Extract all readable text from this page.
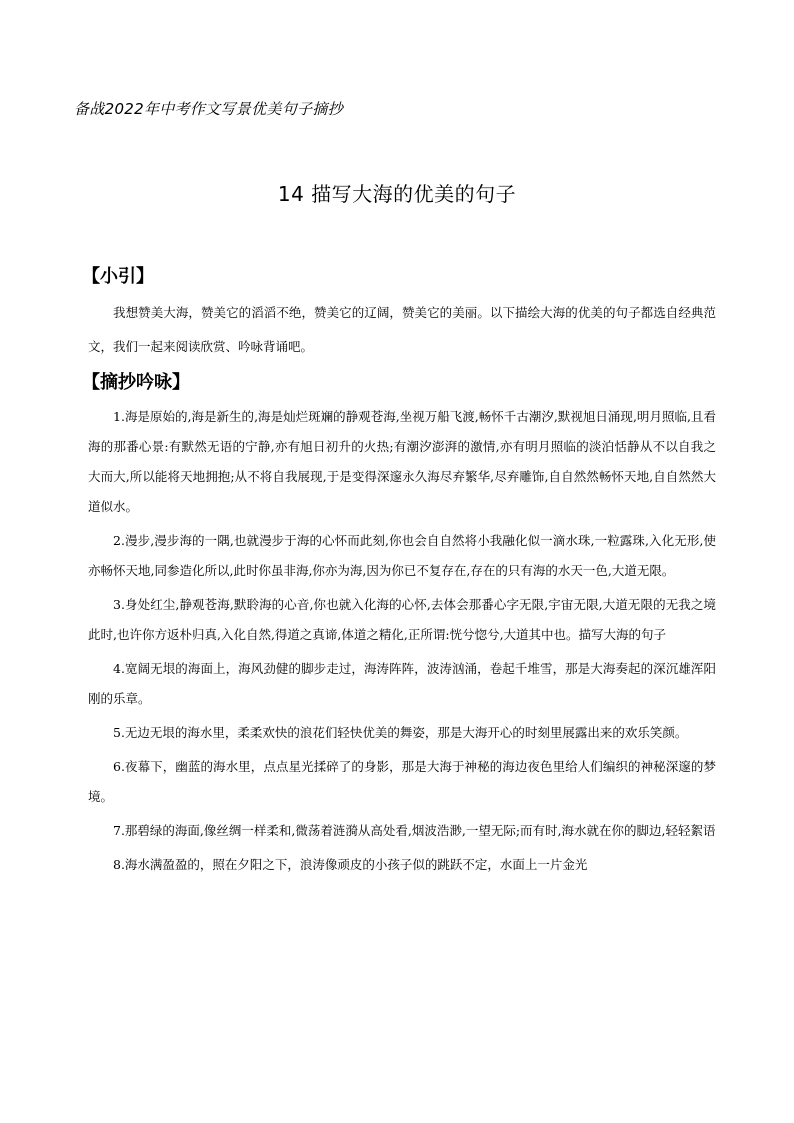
备战2022年中考作文写景优美句子摘抄
14 描写大海的优美的句子
【小引】
我想赞美大海，赞美它的滔滔不绝，赞美它的辽阔，赞美它的美丽。以下描绘大海的优美的句子都选自经典范文，我们一起来阅读欣赏、吟咏背诵吧。
【摘抄吟咏】

1.海是原始的,海是新生的,海是灿烂斑斓的静观苍海,坐视万船飞渡,畅怀千古潮汐,默视旭日涌现,明月照临,且看海的那番心景:有默然无语的宁静,亦有旭日初升的火热;有潮汐澎湃的激情,亦有明月照临的淡泊恬静从不以自我之大而大,所以能将天地拥抱;从不将自我展现,于是变得深邃永久海尽弃繁华,尽弃雕饰,自自然然畅怀天地,自自然然大道似水。

2.漫步,漫步海的一隅,也就漫步于海的心怀而此刻,你也会自自然将小我融化似一滴水珠,一粒露珠,入化无形,使亦畅怀天地,同参造化所以,此时你虽非海,你亦为海,因为你已不复存在,存在的只有海的水天一色,大道无限。

3.身处红尘,静观苍海,默聆海的心音,你也就入化海的心怀,去体会那番心字无限,宇宙无限,大道无限的无我之境此时,也许你方返朴归真,入化自然,得道之真谛,体道之精化,正所谓:恍兮惚兮,大道其中也。描写大海的句子

4.宽阔无垠的海面上，海风劲健的脚步走过，海涛阵阵，波涛汹涌，卷起千堆雪，那是大海奏起的深沉雄浑阳刚的乐章。

5.无边无垠的海水里，柔柔欢快的浪花们轻快优美的舞姿，那是大海开心的时刻里展露出来的欢乐笑颜。

6.夜幕下，幽蓝的海水里，点点星光揉碎了的身影，那是大海于神秘的海边夜色里给人们编织的神秘深邃的梦境。

7.那碧绿的海面,像丝绸一样柔和,微荡着涟漪从高处看,烟波浩渺,一望无际;而有时,海水就在你的脚边,轻轻絮语

8.海水满盈盈的，照在夕阳之下，浪涛像顽皮的小孩子似的跳跃不定，水面上一片金光
